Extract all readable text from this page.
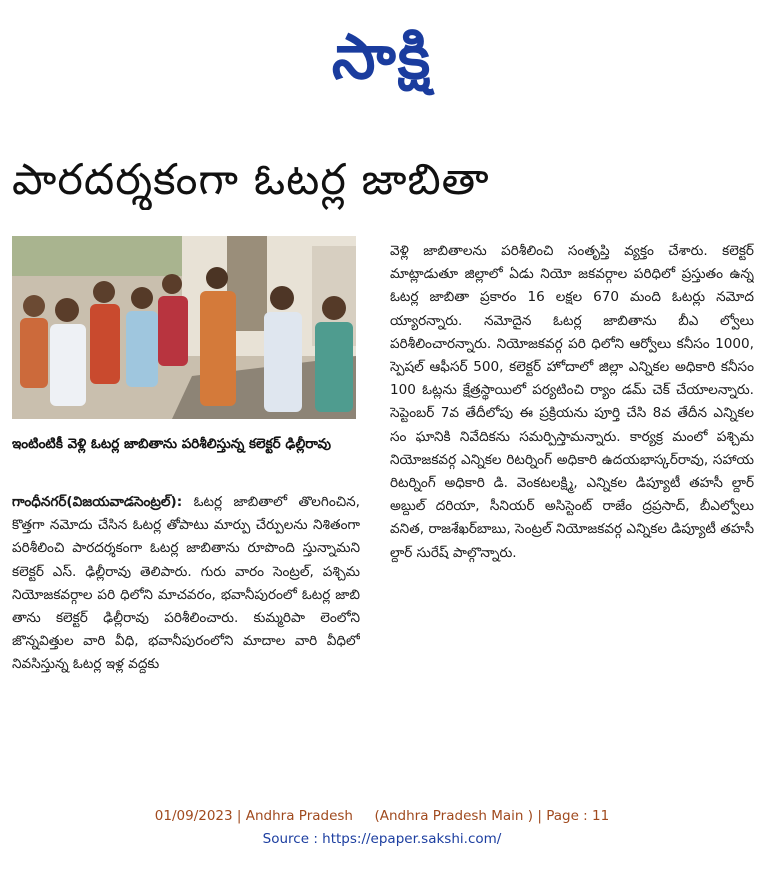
సాక్షి
పారదర్శకంగా ఓటర్ల జాబితా
ఇంటింటికీ వెళ్లి ఓటర్ల జాబితాను పరిశీలిస్తున్న కలెక్టర్‌ ఢిల్లీరావు
గాంధీనగర్‌(విజయవాడసెంట్రల్‌): ఓటర్ల జాబితాలో తొలగించిన, కొత్తగా నమోదు చేసిన ఓటర్ల తోపాటు మార్పు చేర్పులను నిశితంగా పరిశీలించి పారదర్శకంగా ఓటర్ల జాబితాను రూపొంది స్తున్నామని కలెక్టర్‌ ఎస్‌. ఢిల్లీరావు తెలిపారు. గురు వారం సెంట్రల్‌, పశ్చిమ నియోజకవర్గాల పరి ధిలోని మాచవరం, భవానీపురంలో ఓటర్ల జాబి తాను కలెక్టర్‌ ఢిల్లీరావు పరిశీలించారు. కుమ్మరిపా లెంలోని జొన్నవిత్తుల వారి వీధి, భవానీపురంలోని మాదాల వారి వీధిలో నివసిస్తున్న ఓటర్ల ఇళ్ల వద్దకు
వెళ్లి జాబితాలను పరిశీలించి సంతృప్తి వ్యక్తం చేశారు. కలెక్టర్‌ మాట్లాడుతూ జిల్లాలో ఏడు నియో జకవర్గాల పరిధిలో ప్రస్తుతం ఉన్న ఓటర్ల జాబితా ప్రకారం 16 లక్షల 670 మంది ఓటర్లు నమోద య్యారన్నారు. నమోదైన ఓటర్ల జాబితాను బీఎ ల్వోలు పరిశీలించారన్నారు. నియోజకవర్గ పరి ధిలోని ఆర్వోలు కనీసం 1000, స్పెషల్‌ ఆఫీసర్‌ 500, కలెక్టర్‌ హోదాలో జిల్లా ఎన్నికల అధికారి కనీసం 100 ఓట్లను క్షేత్రస్థాయిలో పర్యటించి ర్యాం డమ్‌ చెక్‌ చేయాలన్నారు. సెప్టెంబర్‌ 7వ తేదీలోపు ఈ ప్రక్రియను పూర్తి చేసి 8వ తేదీన ఎన్నికల సం ఘానికి నివేదికను సమర్పిస్తామన్నారు. కార్యక్ర మంలో పశ్చిమ నియోజకవర్గ ఎన్నికల రిటర్నింగ్‌ అధికారి ఉదయభాస్కర్‌రావు, సహాయ రిటర్నింగ్‌ అధికారి డి. వెంకటలక్ష్మి, ఎన్నికల డిప్యూటీ తహసీ ల్దార్‌ అబ్దుల్‌ దరియా, సీనియర్‌ అసిస్టెంట్‌ రాజేం ద్రప్రసాద్‌, బీఎల్వోలు వనిత, రాజశేఖర్‌బాబు, సెంట్రల్‌ నియోజకవర్గ ఎన్నికల డిప్యూటీ తహసీ ల్దార్‌ సురేష్‌ పాల్గొన్నారు.
01/09/2023 | Andhra Pradesh (Andhra Pradesh Main ) | Page : 11
Source : https://epaper.sakshi.com/
